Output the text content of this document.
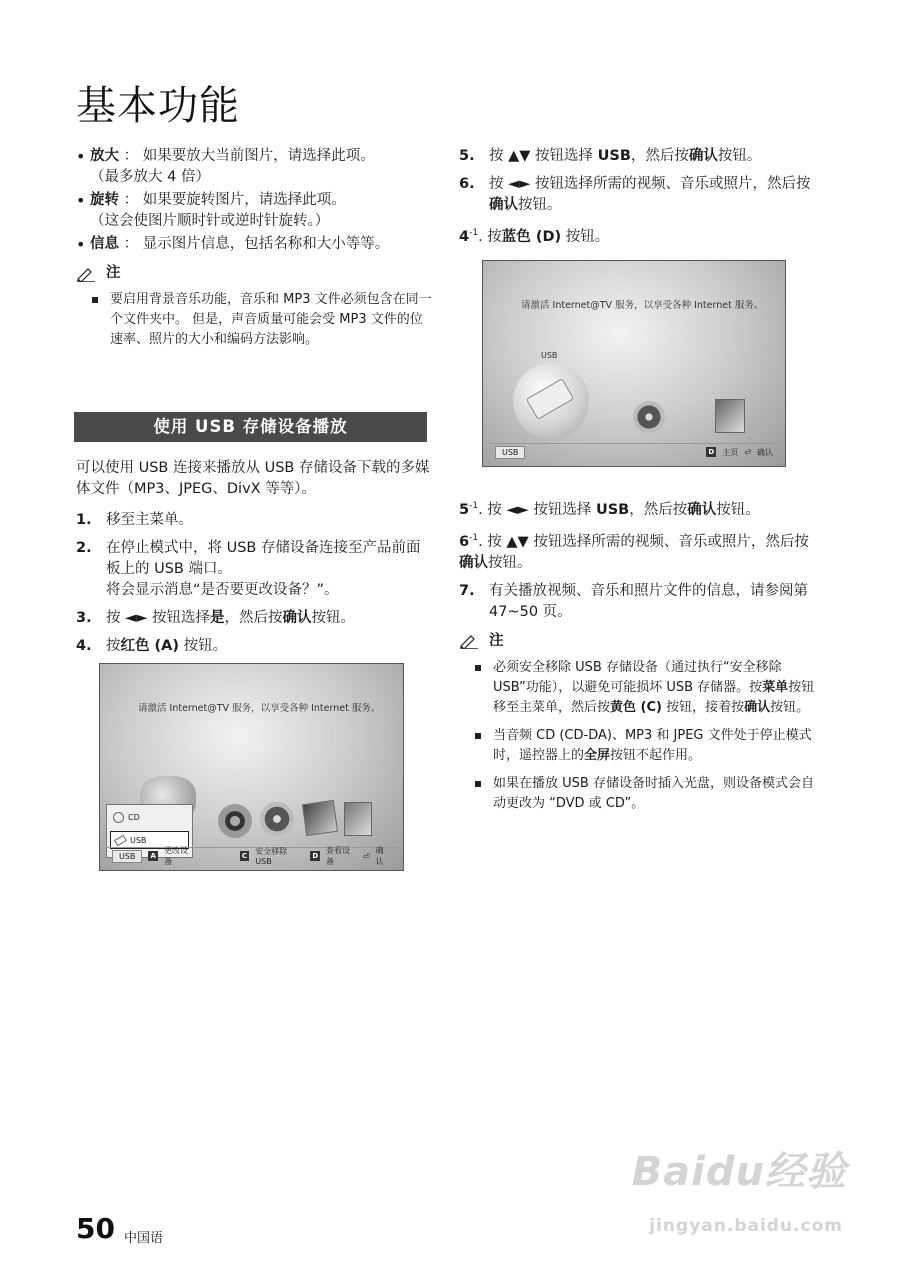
基本功能
• 放大 ： 如果要放大当前图片，请选择此项。
（最多放大 4 倍）
• 旋转 ： 如果要旋转图片，请选择此项。
（这会使图片顺时针或逆时针旋转。）
• 信息 ： 显示图片信息，包括名称和大小等等。
注
要启用背景音乐功能，音乐和 MP3 文件必须包含在同一个文件夹中。 但是，声音质量可能会受 MP3 文件的位速率、照片的大小和编码方法影响。
使用 USB 存储设备播放
可以使用 USB 连接来播放从 USB 存储设备下载的多媒体文件（MP3、JPEG、DivX 等等）。
1. 移至主菜单。
2. 在停止模式中，将 USB 存储设备连接至产品前面板上的 USB 端口。
将会显示消息“是否要更改设备？”。
3. 按 ◄► 按钮选择是，然后按确认按钮。
4. 按红色 (A) 按钮。
请激活 Internet@TV 服务，以享受各种 Internet 服务。
CD
USB
USB	A
更改设备
C 安全移除 USB
D
查看设备
⏎
确认
5. 按 ▲▼ 按钮选择 USB，然后按确认按钮。
6. 按 ◄► 按钮选择所需的视频、音乐或照片，然后按确认按钮。
$4^{-1}$. 按蓝色 (D) 按钮。
请激活 Internet@TV 服务，以享受各种 Internet 服务。
USB
USB	D 主页 ⏎ 确认
$5^{-1}$. 按 ◄► 按钮选择 USB，然后按确认按钮。
$6^{-1}$. 按 ▲▼ 按钮选择所需的视频、音乐或照片，然后按确认按钮。
7. 有关播放视频、音乐和照片文件的信息，请参阅第 47~50 页。
注
必须安全移除 USB 存储设备（通过执行“安全移除 USB”功能），以避免可能损坏 USB 存储器。按菜单按钮移至主菜单，然后按黄色 (C) 按钮，接着按确认按钮。
当音频 CD (CD-DA)、MP3 和 JPEG 文件处于停止模式时，遥控器上的全屏按钮不起作用。
如果在播放 USB 存储设备时插入光盘，则设备模式会自动更改为 “DVD 或 CD”。
50 中国语
Baidu经验
jingyan.baidu.com
